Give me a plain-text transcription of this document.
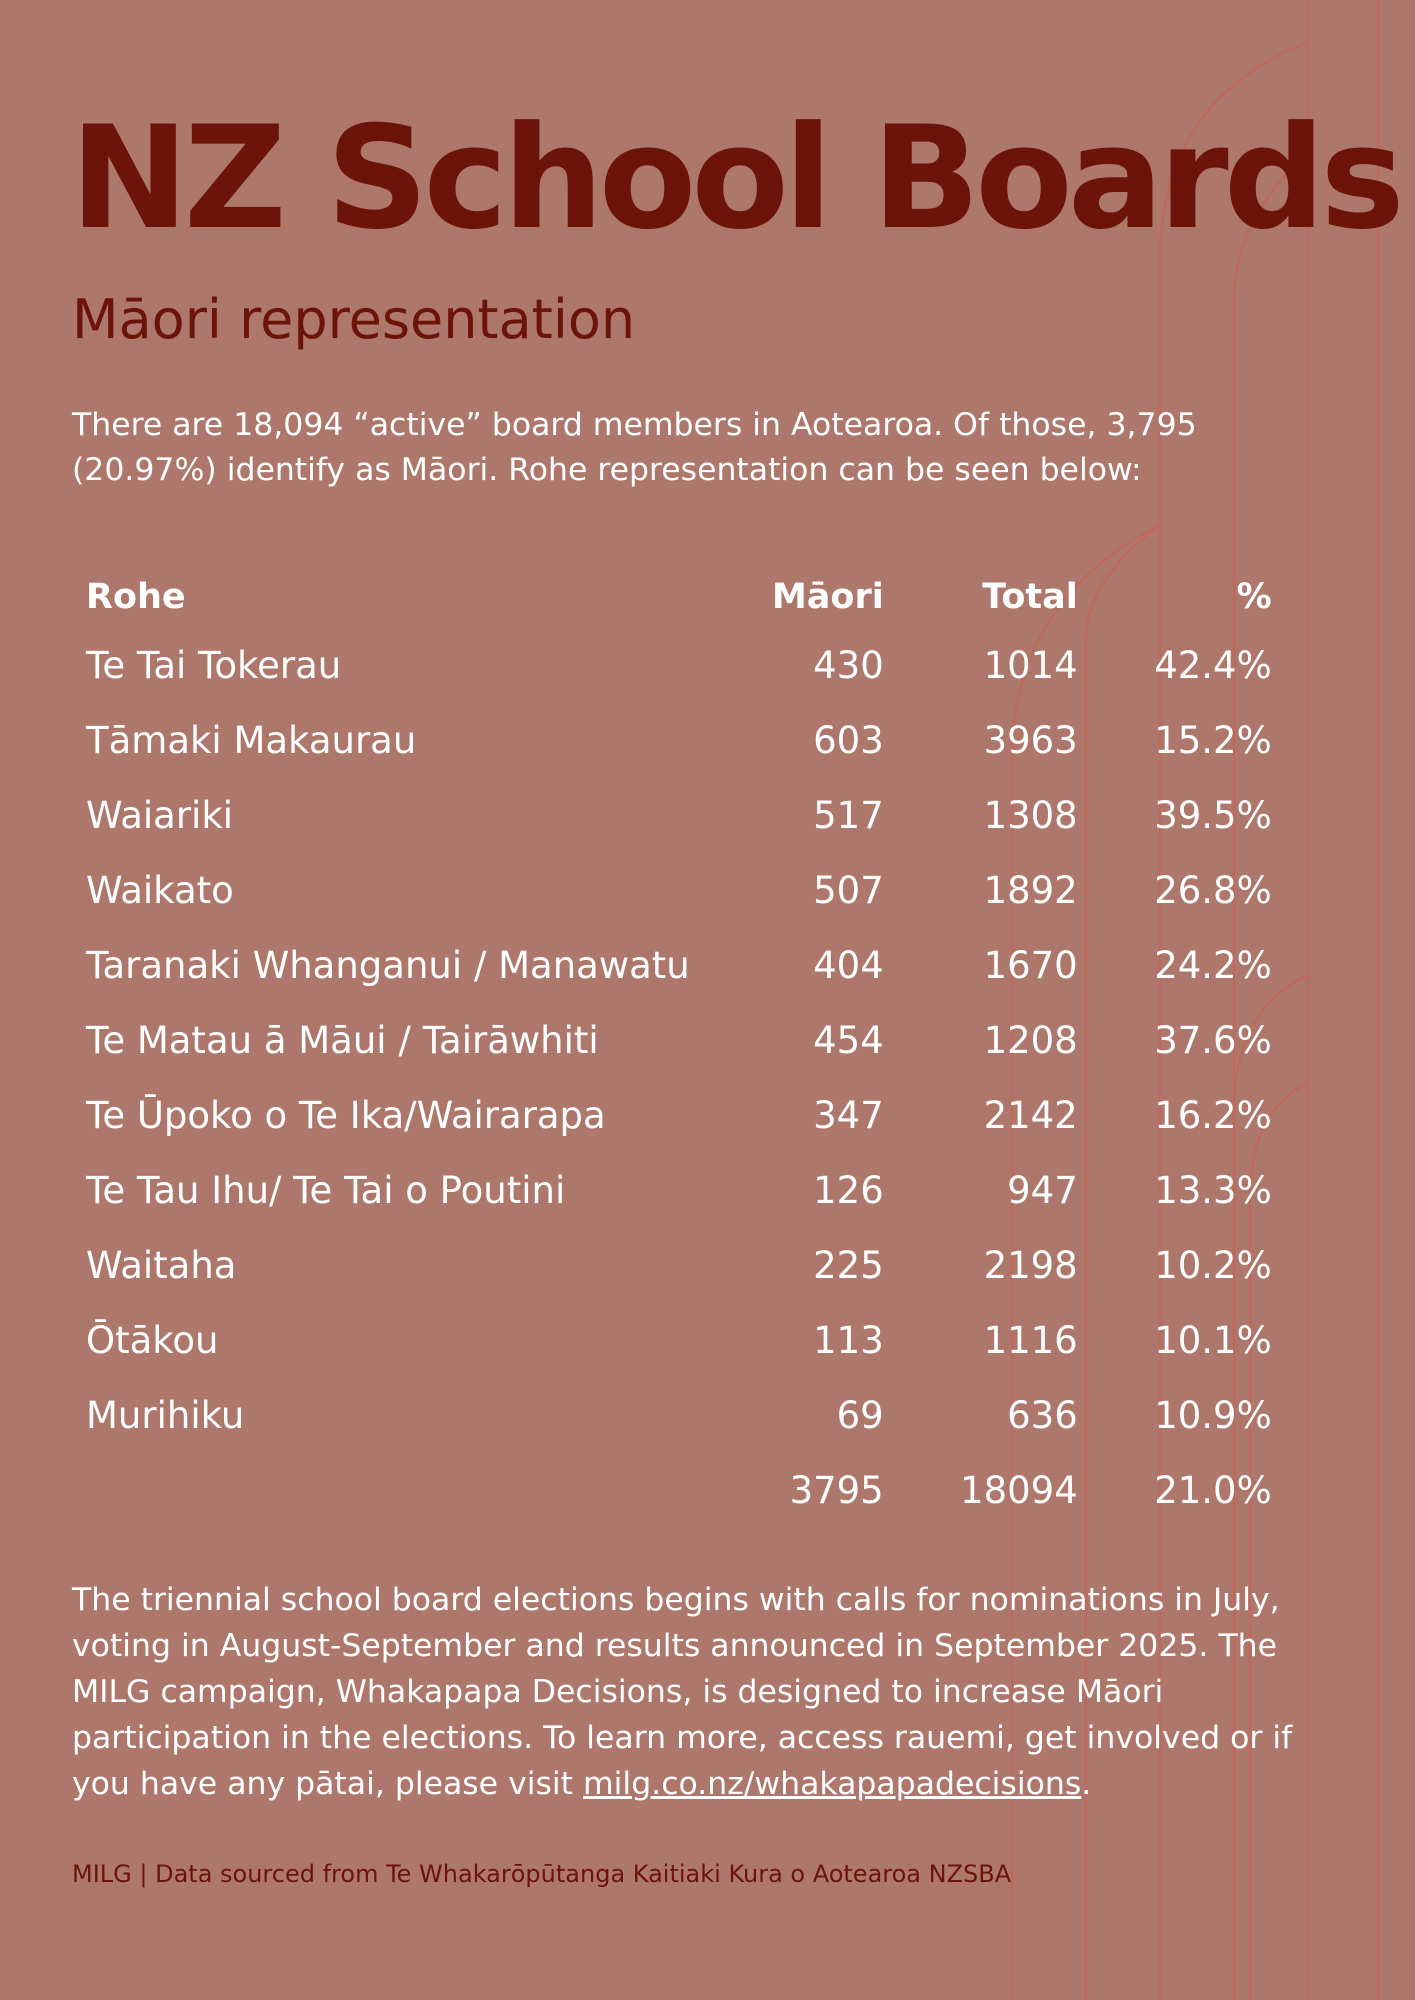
NZ School Boards
Māori representation

There are 18,094 “active” board members in Aotearoa. Of those, 3,795 (20.97%) identify as Māori. Rohe representation can be seen below:

Rohe	Māori	Total	%
Te Tai Tokerau	430	1014	42.4%
Tāmaki Makaurau	603	3963	15.2%
Waiariki	517	1308	39.5%
Waikato	507	1892	26.8%
Taranaki Whanganui / Manawatu	404	1670	24.2%
Te Matau ā Māui / Tairāwhiti	454	1208	37.6%
Te Ūpoko o Te Ika/Wairarapa	347	2142	16.2%
Te Tau Ihu/ Te Tai o Poutini	126	947	13.3%
Waitaha	225	2198	10.2%
Ōtākou	113	1116	10.1%
Murihiku	69	636	10.9%
	3795	18094	21.0%

The triennial school board elections begins with calls for nominations in July, voting in August-September and results announced in September 2025. The MILG campaign, Whakapapa Decisions, is designed to increase Māori participation in the elections. To learn more, access rauemi, get involved or if you have any pātai, please visit milg.co.nz/whakapapadecisions.

MILG | Data sourced from Te Whakarōpūtanga Kaitiaki Kura o Aotearoa NZSBA
